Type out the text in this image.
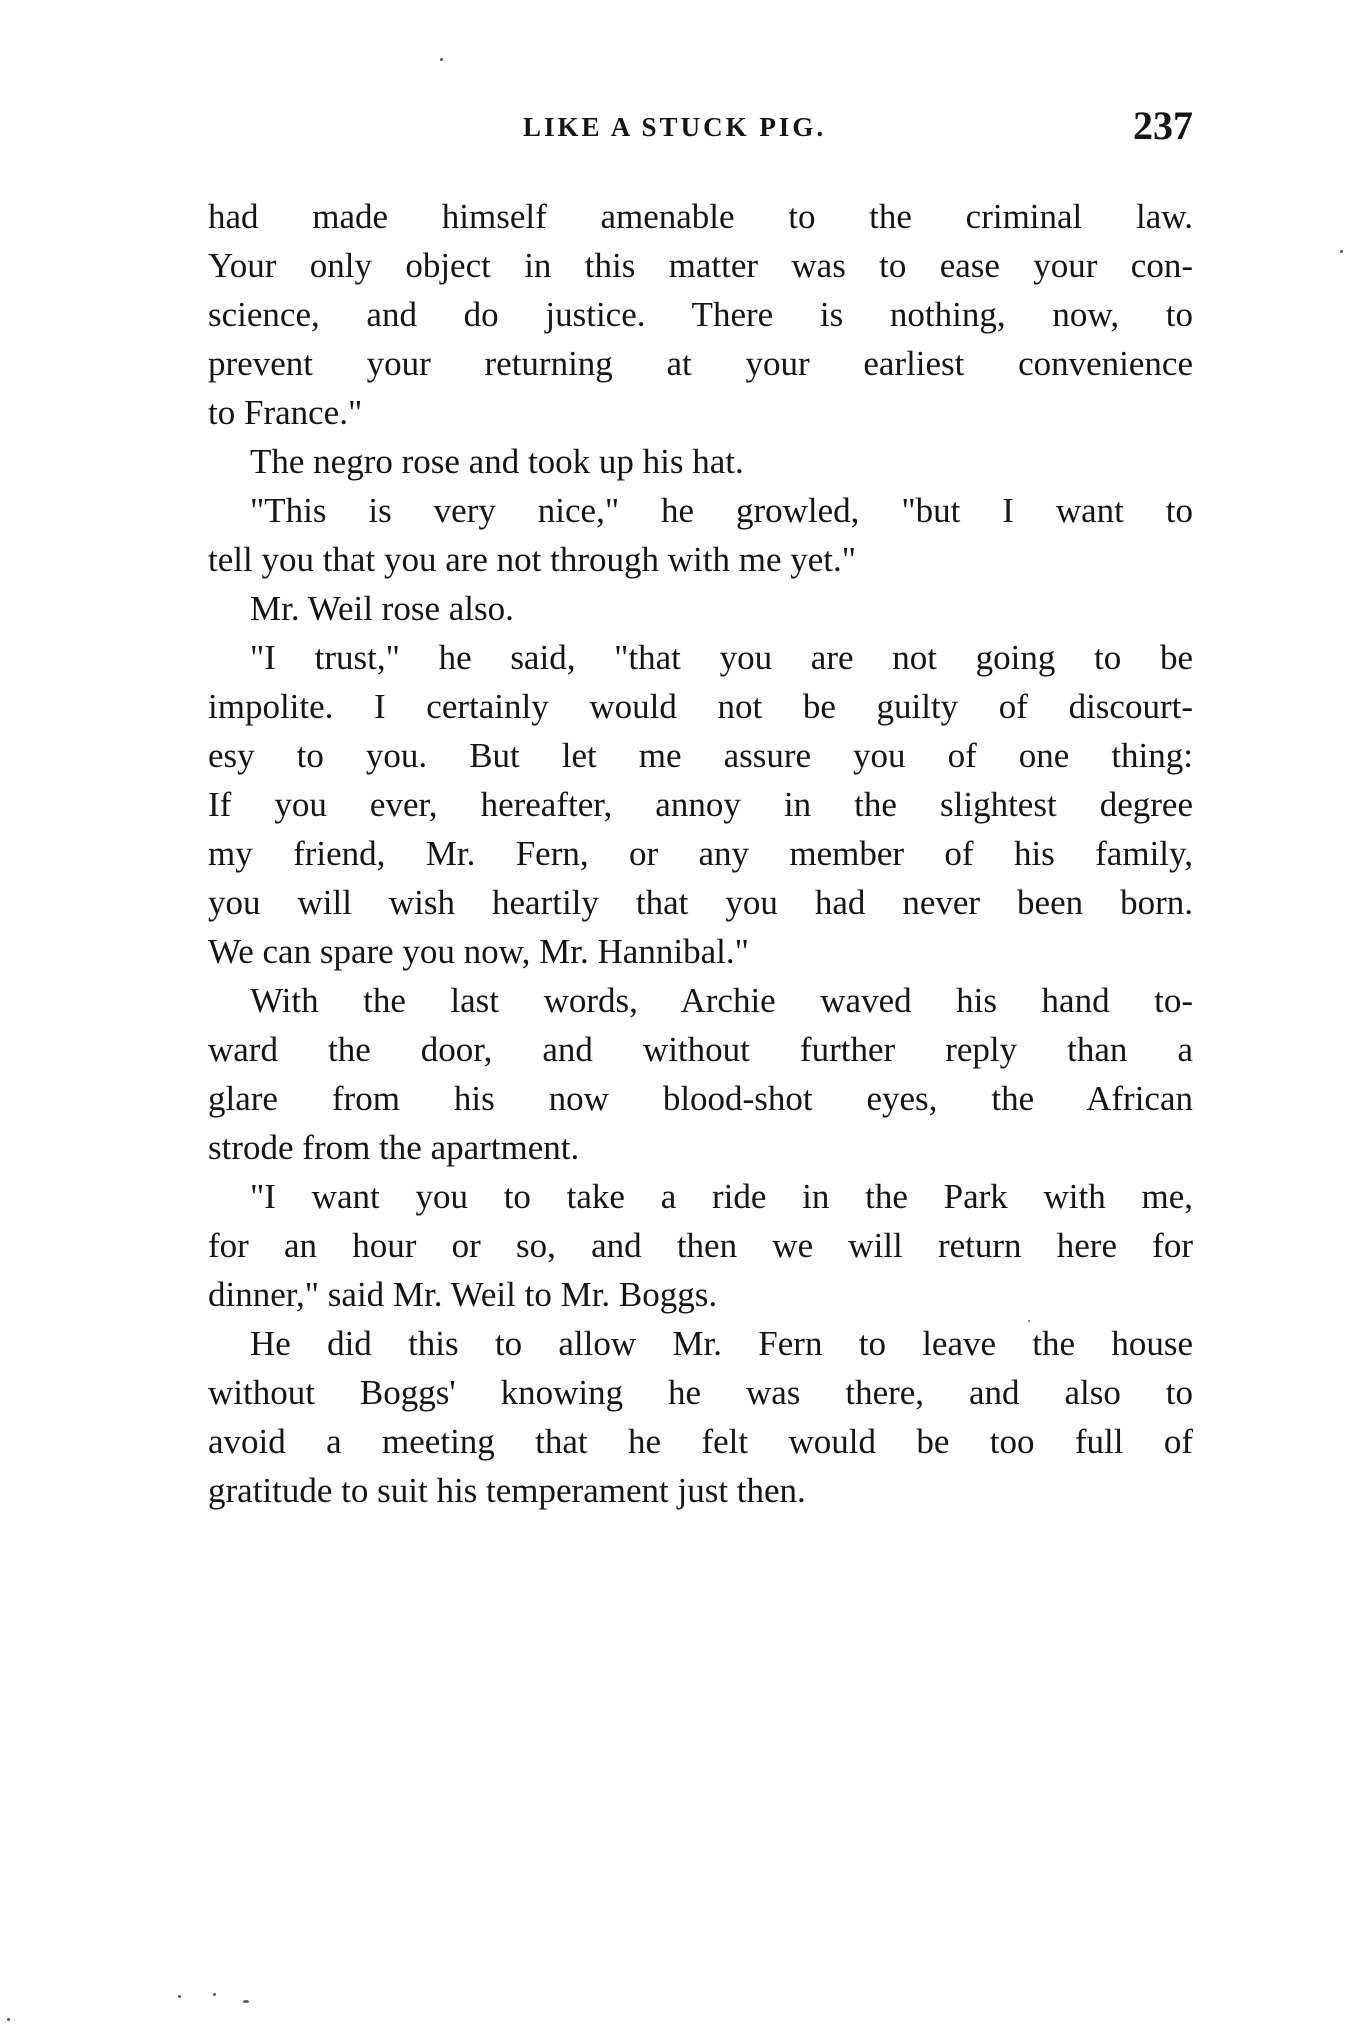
LIKE A STUCK PIG.	237
had made himself amenable to the criminal law.
Your only object in this matter was to ease your con-
science, and do justice. There is nothing, now, to
prevent your returning at your earliest convenience
to France."
The negro rose and took up his hat.
"This is very nice," he growled, "but I want to
tell you that you are not through with me yet."
Mr. Weil rose also.
"I trust," he said, "that you are not going to be
impolite. I certainly would not be guilty of discourt-
esy to you. But let me assure you of one thing:
If you ever, hereafter, annoy in the slightest degree
my friend, Mr. Fern, or any member of his family,
you will wish heartily that you had never been born.
We can spare you now, Mr. Hannibal."
With the last words, Archie waved his hand to-
ward the door, and without further reply than a
glare from his now blood-shot eyes, the African
strode from the apartment.
"I want you to take a ride in the Park with me,
for an hour or so, and then we will return here for
dinner," said Mr. Weil to Mr. Boggs.
He did this to allow Mr. Fern to leave the house
without Boggs' knowing he was there, and also to
avoid a meeting that he felt would be too full of
gratitude to suit his temperament just then.
